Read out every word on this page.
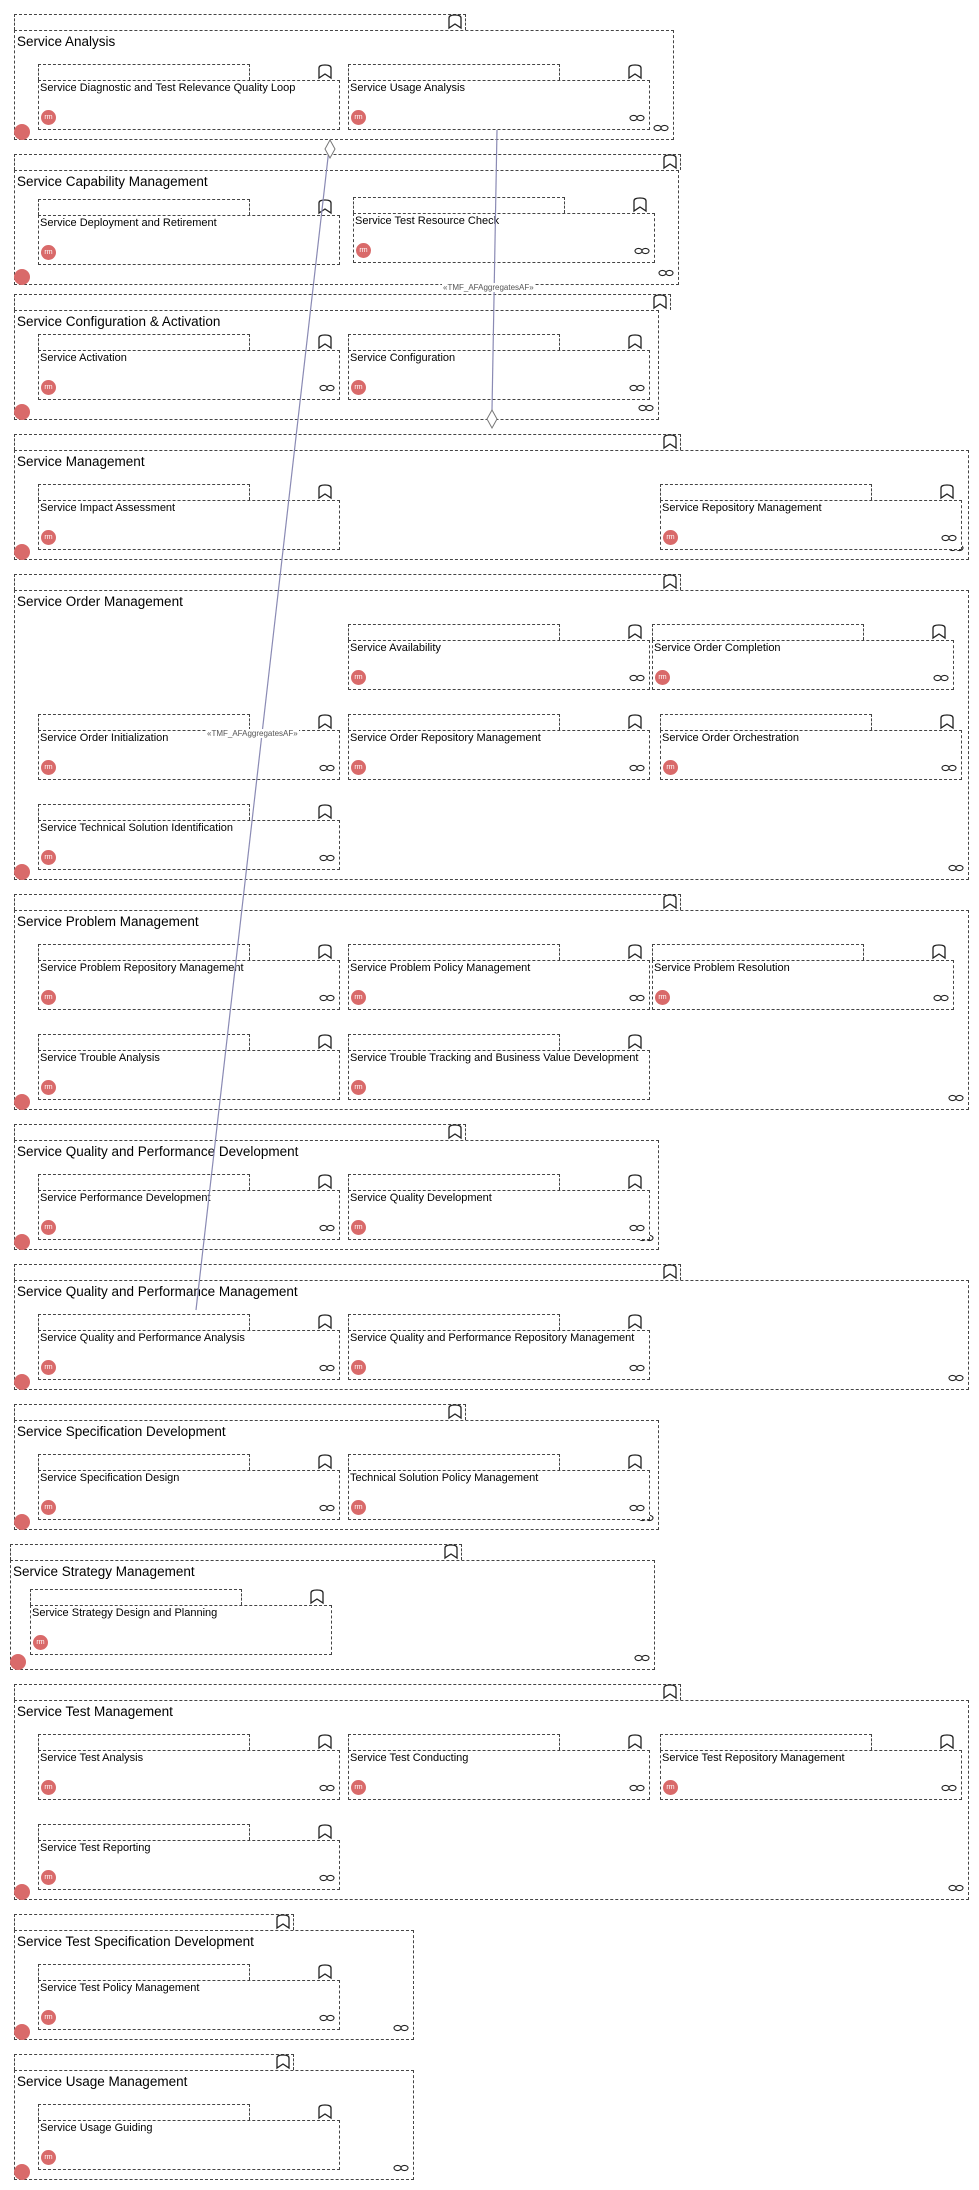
«TMF_AFAggregatesAF»
«TMF_AFAggregatesAF»
Service Analysis
Service Diagnostic and Test Relevance Quality Loop
rm
Service Usage Analysis
rm
Service Capability Management
Service Deployment and Retirement
rm
Service Test Resource Check
rm
Service Configuration & Activation
Service Activation
rm
Service Configuration
rm
Service Management
Service Impact Assessment
rm
Service Repository Management
rm
Service Order Management
Service Availability
rm
Service Order Completion
rm
Service Order Initialization
rm
Service Order Repository Management
rm
Service Order Orchestration
rm
Service Technical Solution Identification
rm
Service Problem Management
Service Problem Repository Management
rm
Service Problem Policy Management
rm
Service Problem Resolution
rm
Service Trouble Analysis
rm
Service Trouble Tracking and Business Value Development
rm
Service Quality and Performance Development
Service Performance Development
rm
Service Quality Development
rm
Service Quality and Performance Management
Service Quality and Performance Analysis
rm
Service Quality and Performance Repository Management
rm
Service Specification Development
Service Specification Design
rm
Technical Solution Policy Management
rm
Service Strategy Management
Service Strategy Design and Planning
rm
Service Test Management
Service Test Analysis
rm
Service Test Conducting
rm
Service Test Repository Management
rm
Service Test Reporting
rm
Service Test Specification Development
Service Test Policy Management
rm
Service Usage Management
Service Usage Guiding
rm
